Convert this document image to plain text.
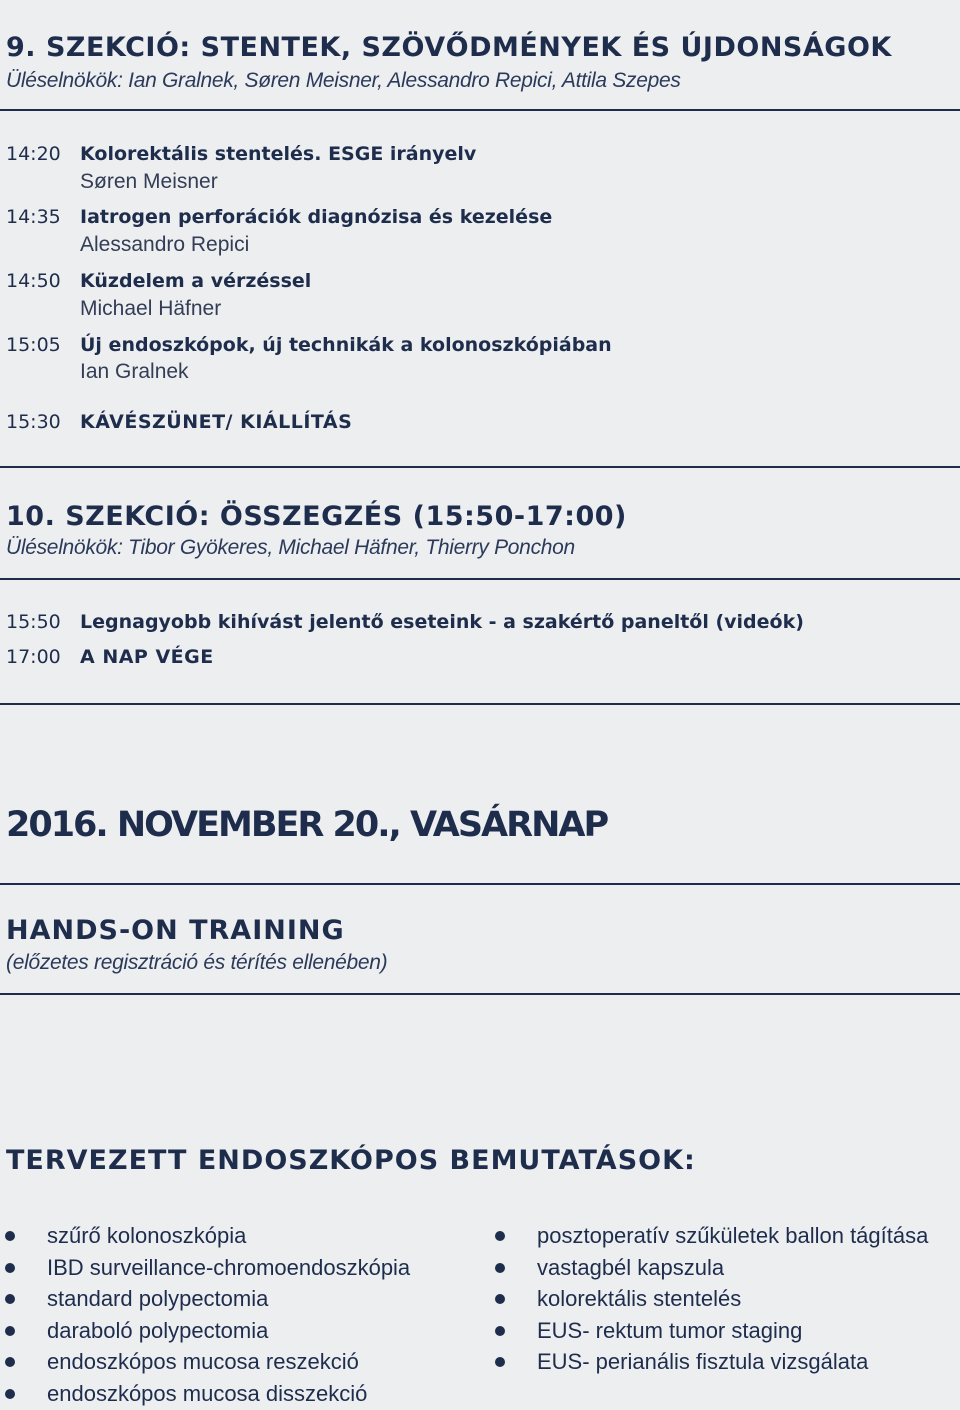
9. SZEKCIÓ: STENTEK, SZÖVŐDMÉNYEK ÉS ÚJDONSÁGOK
Üléselnökök: Ian Gralnek, Søren Meisner, Alessandro Repici, Attila Szepes
14:20 Kolorektális stentelés. ESGE irányelv
Søren Meisner
14:35 Iatrogen perforációk diagnózisa és kezelése
Alessandro Repici
14:50 Küzdelem a vérzéssel
Michael Häfner
15:05 Új endoszkópok, új technikák a kolonoszkópiában
Ian Gralnek
15:30 KÁVÉSZÜNET/ KIÁLLÍTÁS
10. SZEKCIÓ: ÖSSZEGZÉS (15:50-17:00)
Üléselnökök: Tibor Gyökeres, Michael Häfner, Thierry Ponchon
15:50 Legnagyobb kihívást jelentő eseteink - a szakértő paneltől (videók)
17:00 A NAP VÉGE
2016. NOVEMBER 20., VASÁRNAP
HANDS-ON TRAINING
(előzetes regisztráció és térítés ellenében)
TERVEZETT ENDOSZKÓPOS BEMUTATÁSOK:
szűrő kolonoszkópia
IBD surveillance-chromoendoszkópia
standard polypectomia
daraboló polypectomia
endoszkópos mucosa reszekció
endoszkópos mucosa disszekció
posztoperatív szűkületek ballon tágítása
vastagbél kapszula
kolorektális stentelés
EUS- rektum tumor staging
EUS- perianális fisztula vizsgálata
